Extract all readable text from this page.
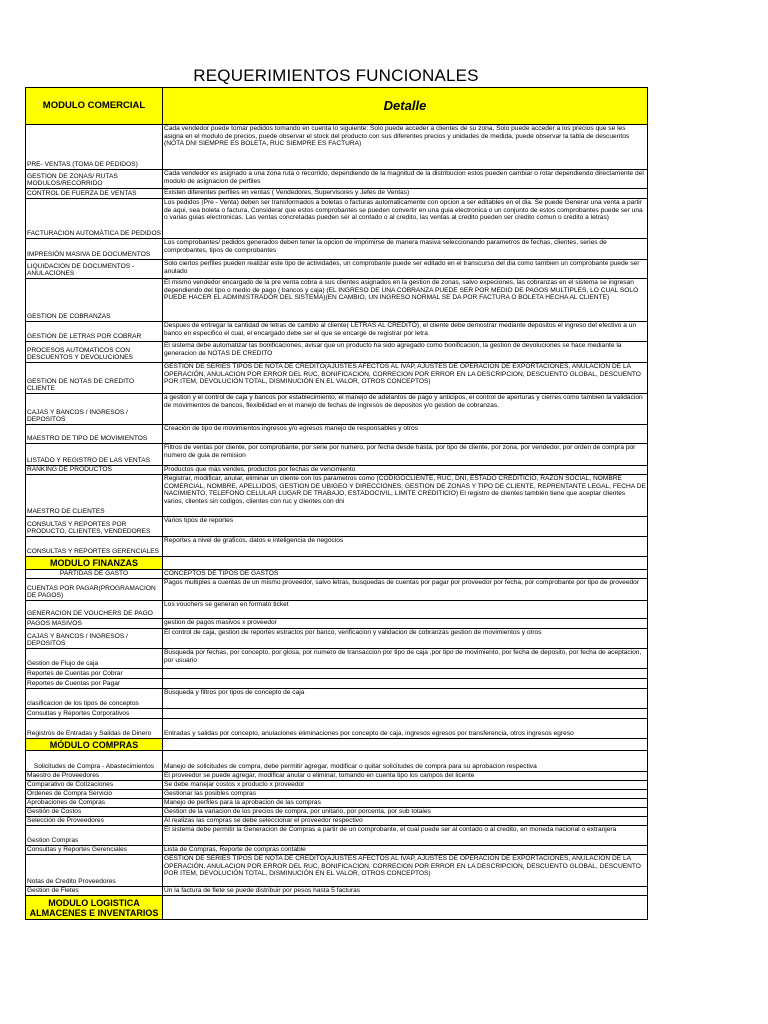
REQUERIMIENTOS FUNCIONALES
MODULO COMERCIAL	Detalle
PRE- VENTAS (TOMA DE PEDIDOS)	Cada vendedor puede tomar pedidos tomando en cuenta lo siguiente: Solo puede acceder a clientes de su zona, Solo puede acceder a los precios que se les asigna en el modulo de precios, puede observar el stock del producto con sus diferentes precios y unidades de medida, puede observar la tabla de descuentos (NOTA DNI SIEMPRE ES BOLETA, RUC SIEMPRE ES FACTURA)
GESTION DE ZONAS/ RUTAS MODULOS/RECORRIDO	Cada vendedor es asignado a una zona ruta o recorrido, dependiendo de la magnitud de la distribucion estos pueden cambiar o rotar dependiendo directamente del modulo de asignacion de perfiles
CONTROL DE FUERZA DE VENTAS	Existen diferentes perfiles en ventas ( Vendedores, Supervisores y Jefes de Ventas)
FACTURACION AUTOMÁTICA DE PEDIDOS	Los pedidos (Pre - Venta) deben ser transformados a boletas o facturas automaticamente con opcion a ser editables en el dia. Se puede Generar una venta a partir de aqui, sea boleta o factura, Considerar que estos comprobantes se pueden convertir en una guia electronica o un conjunto de estos comprobantes puede ser una o varias guias electronicas. Las ventas concretadas pueden ser al contado o al credito, las ventas al credito pueden ser credito comun o credito a letras)
IMPRESIÓN MASIVA DE DOCUMENTOS	Los comprobantes/ pedidos generados deben tener la opcion de imprimirse de manera masiva seleccionando parametros de fechas, clientes, series de comprobantes, tipos de comprobantes
LIQUIDACION DE DOCUMENTOS - ANULACIONES	Solo ciertos perfiles pueden realizar este tipo de actividades, un comprobante puede ser editado en el transcurso del dia como tambien un comprobante puede ser anulado
GESTION DE COBRANZAS	El mismo vendedor encargado de la pre venta cobra a sus clientes asignados en la gestion de zonas, salvo expeciones, las cobranzas en el sistema se ingresan dependiendo del tipo o medio de pago ( bancos y caja) (EL INGRESO DE UNA COBRANZA PUEDE SER POR MEDIO DE PAGOS MULTIPLES, LO CUAL SOLO PUEDE HACER EL ADMINISTRADOR DEL SISTEMA)(EN CAMBIO, UN INGRESO NORMAL SE DA POR FACTURA O BOLETA HECHA AL CLIENTE)
GESTION DE LETRAS POR COBRAR	Despues de entregar la cantidad de letras de cambio al cliente( LETRAS AL CREDITO), el cliente debe demostrar mediante depositos el ingreso del efectivo a un banco en especifico el cual, el encargado debe ser el que se encarge de registrar por letra
PROCESOS AUTOMATICOS CON DESCUENTOS Y DEVOLUCIONES	El sistema debe automatizar las bonificaciones, avisar que un producto ha sido agregado como bonificacion, la gestion de devoluciones se hace mediante la generacion de NOTAS DE CREDITO
GESTION DE NOTAS DE CREDITO CLIENTE	GESTION DE SERIES TIPOS DE NOTA DE CREDITO(AJUSTES AFECTOS AL IVAP, AJUSTES DE OPERACIÓN DE EXPORTACIONES, ANULACIÓN DE LA OPERACIÓN, ANULACION POR ERROR DEL RUC, BONIFICACION, CORRECION POR ERROR EN LA DESCRIPCION, DESCUENTO GLOBAL, DESCUENTO POR ITEM, DEVOLUCIÓN TOTAL, DISMINUCIÓN EN EL VALOR, OTROS CONCEPTOS)
CAJAS Y BANCOS / INGRESOS / DEPOSITOS	a gestion y el control de caja y bancos por establecimiento, el manejo de adelantos de pago y anticipos, el control de aperturas y cierres como tambien la validacion de movimientos de bancos, flexibilidad en el manejo de fechas de ingresos de depositos y/o gestion de cobranzas.
MAESTRO DE TIPO DE MOVIMIENTOS	Creación de tipo de movimientos ingresos y/o egresos manejo de responsables y otros
LISTADO Y REGISTRO DE LAS VENTAS	Filtros de ventas por cliente, por comprobante, por serie por numero, por fecha desde hasta, por tipo de cliente, por zona, por vendedor, por orden de compra por numero de guia de remision
RANKING DE PRODUCTOS	Productos que más vendes, productos por fechas de vencimiento
MAESTRO DE CLIENTES	Registrar, modificar, anular, eliminar un cliente con los parametros como (CODIGOCLIENTE, RUC, DNI, ESTADO CREDITICIO, RAZON SOCIAL, NOMBRE COMERCIAL, NOMBRE, APELLIDOS, GESTION DE UBIGEO Y DIRECCIONES, GESTION DE ZONAS Y TIPO DE CLIENTE, REPRENTANTE LEGAL, FECHA DE NACIMIENTO, TELEFONO CELULAR LUGAR DE TRABAJO, ESTADOCIVIL, LIMITE CREDITICIO) El registro de clientes también tiene que aceptar clientes varios, clientes sin codigos, clientes con ruc y clientes con dni
CONSULTAS Y REPORTES POR PRODUCTO, CLIENTES, VENDEDORES	Varios tipos de reportes
CONSULTAS Y REPORTES GERENCIALES	Reportes a nivel de graficos, datos e inteligencia de negocios
MODULO FINANZAS	
PARTIDAS DE GASTO	CONCEPTOS DE TIPOS DE GASTOS
CUENTAS POR PAGAR(PROGRAMACION DE PAGOS)	Pagos multiples a cuentas de un mismo proveedor, salvo letras, busquedas de cuentas por pagar por proveedor por fecha, por comprobante por tipo de proveedor
GENERACION DE VOUCHERS DE PAGO	Los vouchers se generan en formato ticket
PAGOS MASIVOS	gestion de pagos masivos x proveedor
CAJAS Y BANCOS / INGRESOS / DEPOSITOS	El control de caja, gestion de reportes estractos por banco, verificacion y validacion de cobranzas gestion de movimientos y otros
Gestion de Flujo de caja	Busqueda por fechas, por concepto, por glosa, por numero de transaccion por tipo de caja ,por tipo de movimiento, por fecha de deposito, por fecha de aceptacion, por usuario
Reportes de Cuentas por Cobrar	
Reportes de Cuentas por Pagar	
clasificacion de los tipos de conceptos	Busqueda y filtros por tipos de concepto de caja
Consultas y Reportes Corporativos	
Registros de Entradas y Salidas de Dinero	Entradas y salidas por concepto, anulaciones eliminaciones por concepto de caja, ingresos egresos por transferencia, otros ingresos egreso
MÓDULO COMPRAS	
Solicitudes de Compra - Abastecimientos	Manejo de solicitudes de compra, debe permitir agregar, modificar o quitar solicitudes de compra para su aprobacion respectiva
Maestro de Proveedores	El proveedor se puede agregar, modificar anular o eliminar, tomando en cuenta tipo los campos del licente
Comparativo de Cotizaciones	Se debe manejar costos x producto x proveedor
Ordenes de Compra Servicio	Gestionar las posibles compras
Aprobaciones de Compras	Manejo de perfiles para la aprobacion de las compras
Gestión de Costos	Gestion de la variacion de los precios de compra, por unitario, por porcenta, por sub totales
Selección de Proveedores	Al realizas las compras se debe seleccionar el proveedor respectivo
Gestion Compras	El sistema debe permitir la Generacion de Compras a partir de un comprobante, el cual puede ser al contado o al credito, en moneda nacional o extranjera
Consultas y Reportes Gerenciales	Lista de Compras, Reporte de compras contable
Notas de Credito Proveedores	GESTION DE SERIES TIPOS DE NOTA DE CREDITO(AJUSTES AFECTOS AL IVAP, AJUSTES DE OPERACIÓN DE EXPORTACIONES, ANULACIÓN DE LA OPERACIÓN, ANULACION POR ERROR DEL RUC, BONIFICACION, CORRECION POR ERROR EN LA DESCRIPCION, DESCUENTO GLOBAL, DESCUENTO POR ITEM, DEVOLUCIÓN TOTAL, DISMINUCIÓN EN EL VALOR, OTROS CONCEPTOS)
Gestion de Fletes	Un la factura de flete se puede distribuir por pesos hasta 5 facturas
MODULO LOGISTICA ALMACENES E INVENTARIOS	
